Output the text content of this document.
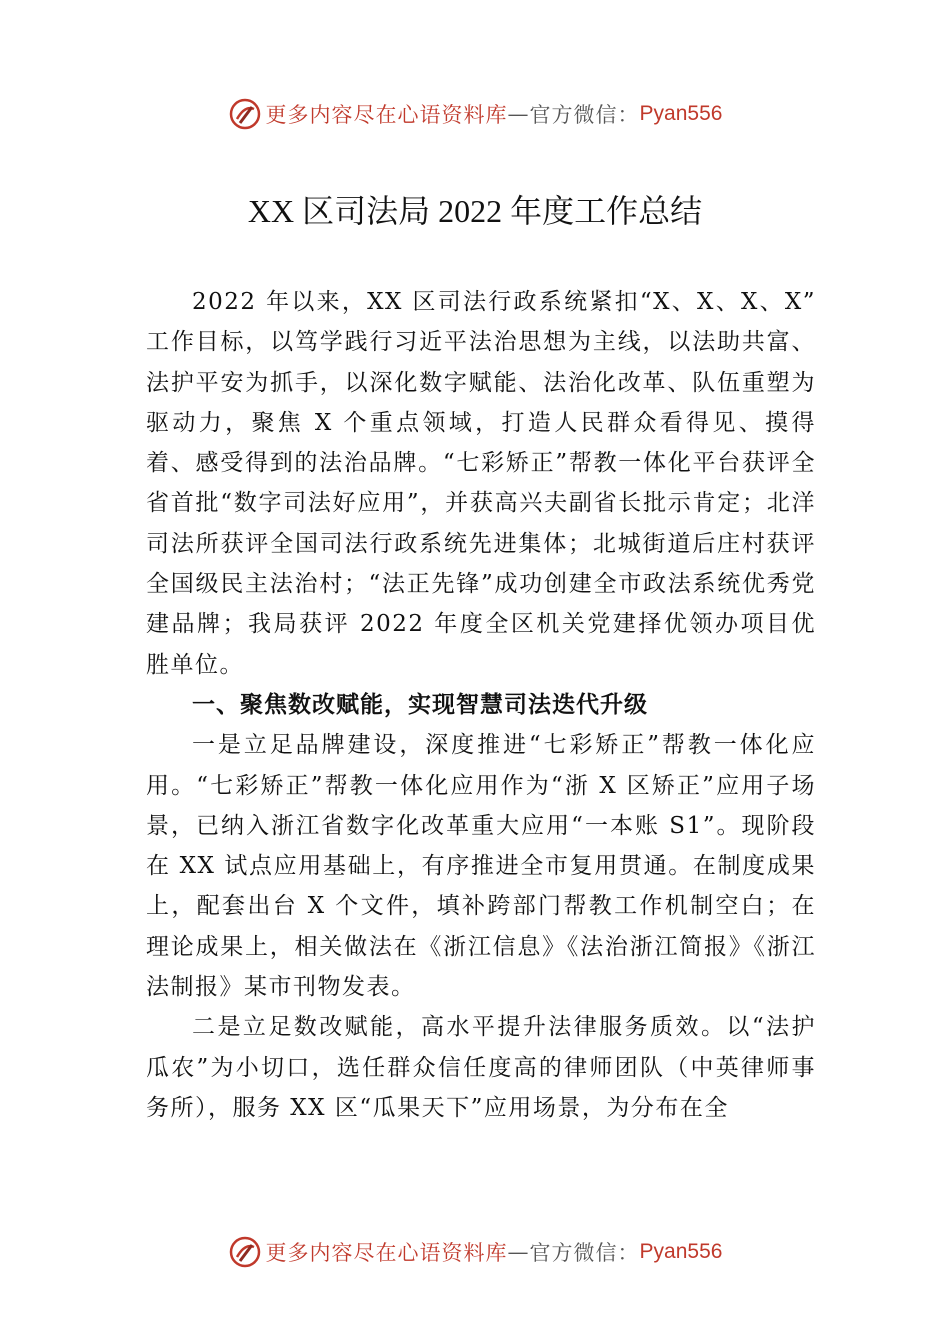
更多内容尽在心语资料库 — 官方微信： Pyan556
XX 区司法局 2022 年度工作总结

2022 年以来，XX 区司法行政系统紧扣“X、X、X、X” 工作目标，以笃学践行习近平法治思想为主线，以法助共富、法护平安为抓手，以深化数字赋能、法治化改革、队伍重塑为驱动力，聚焦 X 个重点领域，打造人民群众看得见、摸得着、感受得到的法治品牌。“七彩矫正”帮教一体化平台获评全省首批“数字司法好应用”，并获高兴夫副省长批示肯定；北洋司法所获评全国司法行政系统先进集体；北城街道后庄村获评全国级民主法治村；“法正先锋”成功创建全市政法系统优秀党建品牌；我局获评 2022 年度全区机关党建择优领办项目优胜单位。

一、聚焦数改赋能，实现智慧司法迭代升级

一是立足品牌建设，深度推进“七彩矫正”帮教一体化应用。“七彩矫正”帮教一体化应用作为“浙 X 区矫正”应用子场景，已纳入浙江省数字化改革重大应用“一本账 S1”。现阶段在 XX 试点应用基础上，有序推进全市复用贯通。在制度成果上，配套出台 X 个文件，填补跨部门帮教工作机制空白；在理论成果上，相关做法在《浙江信息》《法治浙江简报》《浙江法制报》某市刊物发表。

二是立足数改赋能，高水平提升法律服务质效。以“法护瓜农”为小切口，选任群众信任度高的律师团队（中英律师事务所），服务 XX 区“瓜果天下”应用场景，为分布在全

更多内容尽在心语资料库 — 官方微信： Pyan556
